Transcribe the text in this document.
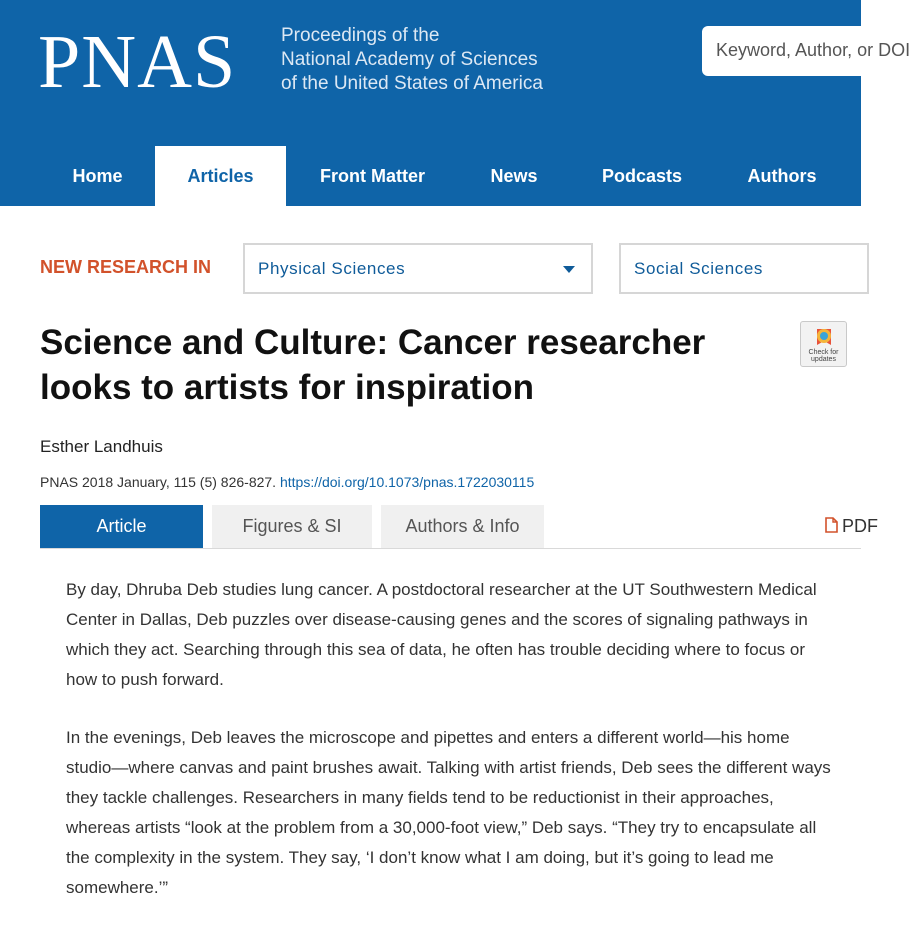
PNAS Proceedings of the
National Academy of Sciences
of the United States of America
Keyword, Author, or DOI
Home	Articles	Front Matter	News	Podcasts	Authors
NEW RESEARCH IN	Physical Sciences	Social Sciences
Science and Culture: Cancer researcher looks to artists for inspiration
Check for updates
Esther Landhuis
PNAS 2018 January, 115 (5) 826-827. https://doi.org/10.1073/pnas.1722030115
Article	Figures & SI	Authors & Info	PDF

By day, Dhruba Deb studies lung cancer. A postdoctoral researcher at the UT Southwestern Medical Center in Dallas, Deb puzzles over disease-causing genes and the scores of signaling pathways in which they act. Searching through this sea of data, he often has trouble deciding where to focus or how to push forward.

In the evenings, Deb leaves the microscope and pipettes and enters a different world—his home studio—where canvas and paint brushes await. Talking with artist friends, Deb sees the different ways they tackle challenges. Researchers in many fields tend to be reductionist in their approaches, whereas artists “look at the problem from a 30,000-foot view,” Deb says. “They try to encapsulate all the complexity in the system. They say, ‘I don’t know what I am doing, but it’s going to lead me somewhere.’”
